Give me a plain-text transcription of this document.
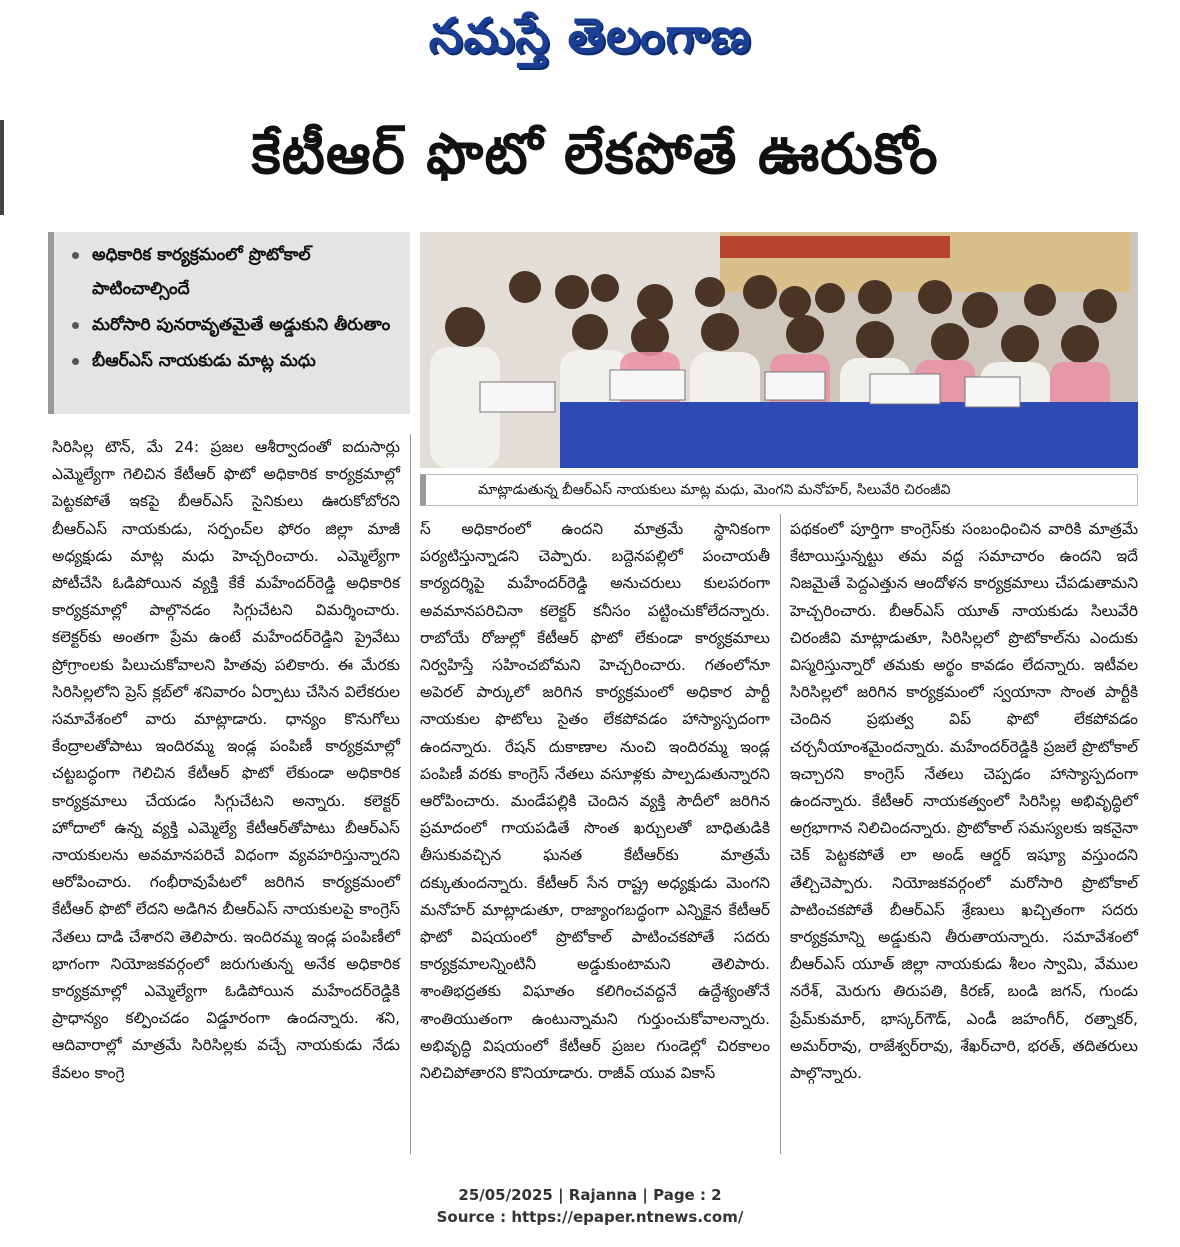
నమస్తే తెలంగాణ
కేటీఆర్ ఫొటో లేకపోతే ఊరుకోం
అధికారిక కార్యక్రమంలో ప్రొటోకాల్ పాటించాల్సిందే
మరోసారి పునరావృతమైతే అడ్డుకుని తీరుతాం
బీఆర్ఎస్ నాయకుడు మాట్ల మధు
మాట్లాడుతున్న బీఆర్ఎస్ నాయకులు మాట్ల మధు, మెంగని మనోహర్, సిలువేరి చిరంజీవి
సిరిసిల్ల టౌన్, మే 24: ప్రజల ఆశీర్వాదంతో ఐదుసార్లు ఎమ్మెల్యేగా గెలిచిన కేటీఆర్ ఫొటో అధికారిక కార్యక్రమాల్లో పెట్టకపోతే ఇకపై బీఆర్ఎస్ సైనికులు ఊరుకోబోరని బీఆర్ఎస్ నాయకుడు, సర్పంచ్‌ల ఫోరం జిల్లా మాజీ అధ్యక్షుడు మాట్ల మధు హెచ్చరించారు. ఎమ్మెల్యేగా పోటీచేసి ఓడిపోయిన వ్యక్తి కేకే మహేందర్‌రెడ్డి అధికారిక కార్యక్రమాల్లో పాల్గొనడం సిగ్గుచేటని విమర్శించారు. కలెక్టర్‌కు అంతగా ప్రేమ ఉంటే మహేందర్‌రెడ్డిని ప్రైవేటు ప్రోగ్రాంలకు పిలుచుకోవాలని హితవు పలికారు. ఈ మేరకు సిరిసిల్లలోని ప్రెస్ క్లబ్‌లో శనివారం ఏర్పాటు చేసిన విలేకరుల సమావేశంలో వారు మాట్లాడారు. ధాన్యం కొనుగోలు కేంద్రాలతోపాటు ఇందిరమ్మ ఇండ్ల పంపిణీ కార్యక్రమాల్లో చట్టబద్ధంగా గెలిచిన కేటీఆర్ ఫొటో లేకుండా అధికారిక కార్యక్రమాలు చేయడం సిగ్గుచేటని అన్నారు. కలెక్టర్ హోదాలో ఉన్న వ్యక్తి ఎమ్మెల్యే కేటీఆర్‌తోపాటు బీఆర్ఎస్ నాయకులను అవమానపరిచే విధంగా వ్యవహరిస్తున్నారని ఆరోపించారు. గంభీరావుపేటలో జరిగిన కార్యక్రమంలో కేటీఆర్ ఫొటో లేదని అడిగిన బీఆర్ఎస్ నాయకులపై కాంగ్రెస్ నేతలు దాడి చేశారని తెలిపారు. ఇందిరమ్మ ఇండ్ల పంపిణీలో భాగంగా నియోజకవర్గంలో జరుగుతున్న అనేక అధికారిక కార్యక్రమాల్లో ఎమ్మెల్యేగా ఓడిపోయిన మహేందర్‌రెడ్డికి ప్రాధాన్యం కల్పించడం విడ్డూరంగా ఉందన్నారు. శని, ఆదివారాల్లో మాత్రమే సిరిసిల్లకు వచ్చే నాయకుడు నేడు కేవలం కాంగ్రె
స్ అధికారంలో ఉందని మాత్రమే స్థానికంగా పర్యటిస్తున్నాడని చెప్పారు. బద్దెనపల్లిలో పంచాయతీ కార్యదర్శిపై మహేందర్‌రెడ్డి అనుచరులు కులపరంగా అవమానపరిచినా కలెక్టర్ కనీసం పట్టించుకోలేదన్నారు. రాబోయే రోజుల్లో కేటీఆర్ ఫొటో లేకుండా కార్యక్రమాలు నిర్వహిస్తే సహించబోమని హెచ్చరించారు. గతంలోనూ అపెరల్ పార్కులో జరిగిన కార్యక్రమంలో అధికార పార్టీ నాయకుల ఫొటోలు సైతం లేకపోవడం హాస్యాస్పదంగా ఉందన్నారు. రేషన్ దుకాణాల నుంచి ఇందిరమ్మ ఇండ్ల పంపిణీ వరకు కాంగ్రెస్ నేతలు వసూళ్లకు పాల్పడుతున్నారని ఆరోపించారు. మండేపల్లికి చెందిన వ్యక్తి సౌదీలో జరిగిన ప్రమాదంలో గాయపడితే సొంత ఖర్చులతో బాధితుడికి తీసుకువచ్చిన ఘనత కేటీఆర్‌కు మాత్రమే దక్కుతుందన్నారు. కేటీఆర్ సేన రాష్ట్ర అధ్యక్షుడు మెంగని మనోహర్ మాట్లాడుతూ, రాజ్యాంగబద్ధంగా ఎన్నికైన కేటీఆర్ ఫొటో విషయంలో ప్రొటోకాల్ పాటించకపోతే సదరు కార్యక్రమాలన్నింటినీ అడ్డుకుంటామని తెలిపారు. శాంతిభద్రతకు విఘాతం కలిగించవద్దనే ఉద్దేశ్యంతోనే శాంతియుతంగా ఉంటున్నామని గుర్తుంచుకోవాలన్నారు. అభివృద్ధి విషయంలో కేటీఆర్ ప్రజల గుండెల్లో చిరకాలం నిలిచిపోతారని కొనియాడారు. రాజీవ్ యువ వికాస్
పథకంలో పూర్తిగా కాంగ్రెస్‌కు సంబంధించిన వారికి మాత్రమే కేటాయిస్తున్నట్టు తమ వద్ద సమాచారం ఉందని ఇదే నిజమైతే పెద్దఎత్తున ఆందోళన కార్యక్రమాలు చేపడుతామని హెచ్చరించారు. బీఆర్ఎస్ యూత్ నాయకుడు సిలువేరి చిరంజీవి మాట్లాడుతూ, సిరిసిల్లలో ప్రొటోకాల్‌ను ఎందుకు విస్మరిస్తున్నారో తమకు అర్థం కావడం లేదన్నారు. ఇటీవల సిరిసిల్లలో జరిగిన కార్యక్రమంలో స్వయానా సొంత పార్టీకి చెందిన ప్రభుత్వ విప్ ఫొటో లేకపోవడం చర్చనీయాంశమైందన్నారు. మహేందర్‌రెడ్డికి ప్రజలే ప్రొటోకాల్ ఇచ్చారని కాంగ్రెస్ నేతలు చెప్పడం హాస్యాస్పదంగా ఉందన్నారు. కేటీఆర్ నాయకత్వంలో సిరిసిల్ల అభివృద్ధిలో అగ్రభాగాన నిలిచిందన్నారు. ప్రొటోకాల్ సమస్యలకు ఇకనైనా చెక్ పెట్టకపోతే లా అండ్ ఆర్డర్ ఇష్యూ వస్తుందని తేల్చిచెప్పారు. నియోజకవర్గంలో మరోసారి ప్రొటోకాల్ పాటించకపోతే బీఆర్ఎస్ శ్రేణులు ఖచ్చితంగా సదరు కార్యక్రమాన్ని అడ్డుకుని తీరుతాయన్నారు. సమావేశంలో బీఆర్ఎస్ యూత్ జిల్లా నాయకుడు శీలం స్వామి, వేముల నరేశ్, మెరుగు తిరుపతి, కిరణ్, బండి జగన్, గుండు ప్రేమ్‌కుమార్, భాస్కర్‌గౌడ్, ఎండీ జహంగీర్, రత్నాకర్, అమర్‌రావు, రాజేశ్వర్‌రావు, శేఖర్‌చారి, భరత్, తదితరులు పాల్గొన్నారు.
25/05/2025 | Rajanna | Page : 2
Source : https://epaper.ntnews.com/
